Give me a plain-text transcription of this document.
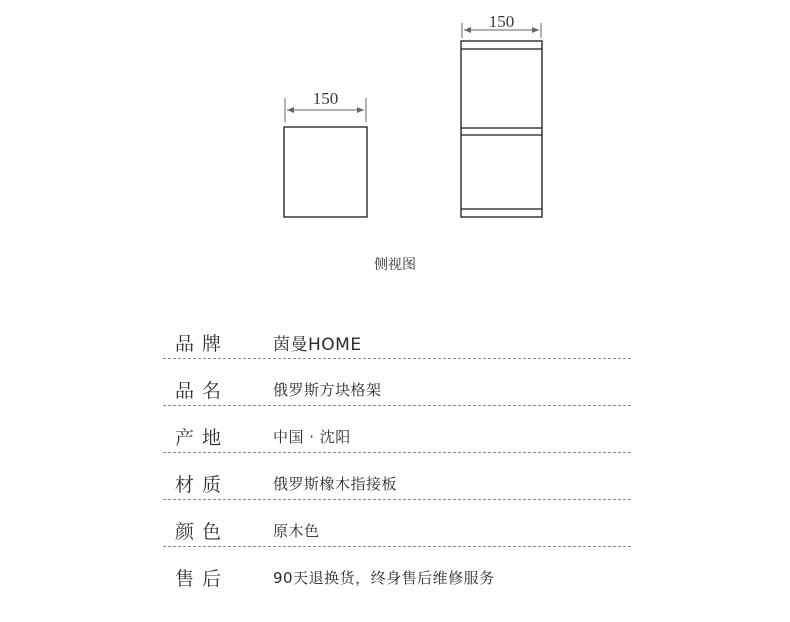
150
150
侧视图
品牌	茵曼HOME
品名	俄罗斯方块格架
产地	中国 · 沈阳
材质	俄罗斯橡木指接板
颜色	原木色
售后	90天退换货，终身售后维修服务
